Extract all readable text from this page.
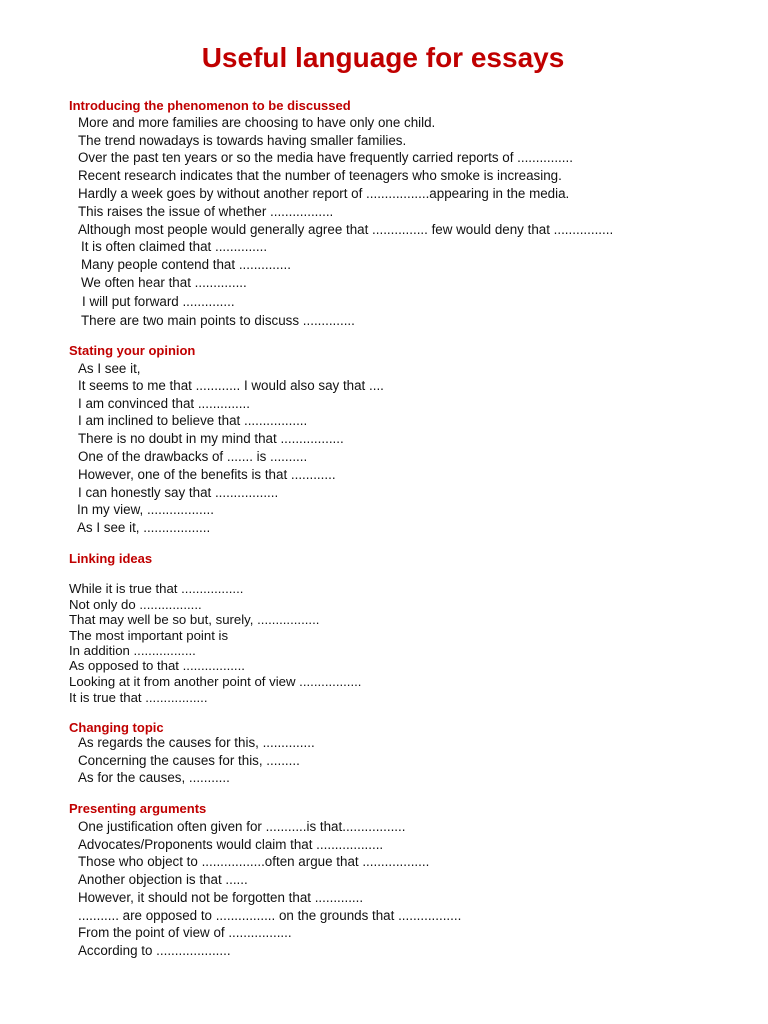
Useful language for essays
Introducing the phenomenon to be discussed
More and more families are choosing to have only one child.
The trend nowadays is towards having smaller families.
Over the past ten years or so the media have frequently carried reports of ...............
Recent research indicates that the number of teenagers who smoke is increasing.
Hardly a week goes by without another report of .................appearing in the media.
This raises the issue of whether .................
Although most people would generally agree that ............... few would deny that ................
It is often claimed that ..............
Many people contend that ..............
We often hear that ..............
I will put forward ..............
There are two main points to discuss ..............
Stating your opinion
As I see it,
It seems to me that ............ I would also say that ....
I am convinced that ..............
I am inclined to believe that .................
There is no doubt in my mind that .................
One of the drawbacks of ....... is ..........
However, one of the benefits is that ............
I can honestly say that .................
In my view, ..................
As I see it, ..................
Linking ideas
While it is true that .................
Not only do .................
That may well be so but, surely, .................
The most important point is
In addition .................
As opposed to that .................
Looking at it from another point of view .................
It is true that .................
Changing topic
As regards the causes for this, ..............
Concerning the causes for this, .........
As for the causes, ...........
Presenting arguments
One justification often given for ...........is that.................
Advocates/Proponents would claim that ..................
Those who object to .................often argue that ..................
Another objection is that ......
However, it should not be forgotten that .............
........... are opposed to ................ on the grounds that .................
From the point of view of .................
According to ....................
